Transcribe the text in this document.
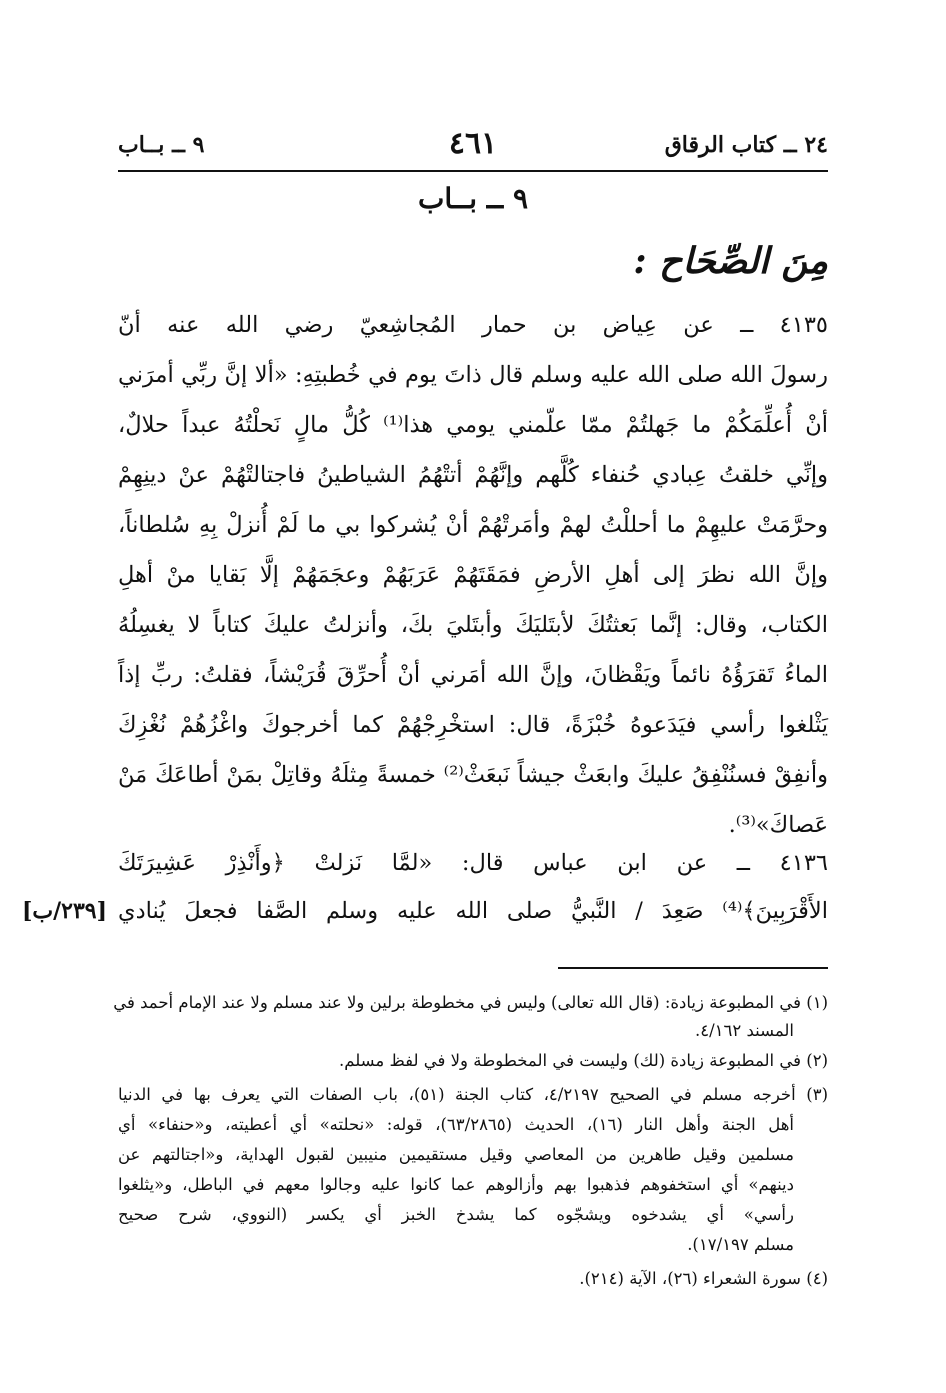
٢٤ ــ كتاب الرقاق
٤٦١
٩ ــ بــاب
٩ ــ بــاب
مِنَ الصِّحَاح :
٤١٣٥ ــ عن عِياض بن حمار المُجاشِعيّ رضي الله عنه أنّ
رسولَ الله صلى الله عليه وسلم قال ذاتَ يوم في خُطبتِهِ: «ألا إنَّ ربِّي أمرَني
أنْ أُعلِّمَكُمْ ما جَهلتُمْ ممّا علّمني يومي هذا⁽¹⁾ كُلُّ مالٍ نَحلْتُهُ عبداً حلالٌ،
وإنِّي خلقتُ عِبادي حُنفاء كُلَّهم وإنَّهُمْ أتتْهُمُ الشياطينُ فاجتالتْهُمْ عنْ دينِهِمْ
وحرَّمَتْ عليهِمْ ما أحللْتُ لهمْ وأمَرتْهُمْ أنْ يُشركوا بي ما لَمْ أُنزلْ بِهِ سُلطاناً،
وإنَّ الله نظرَ إلى أهلِ الأرضِ فمَقَتَهُمْ عَرَبَهُمْ وعجَمَهُمْ إلَّا بَقايا منْ أهلِ
الكتاب، وقال: إنَّما بَعثتُكَ لأبتَليَكَ وأبتَليَ بكَ، وأنزلتُ عليكَ كتاباً لا يغسِلُهُ
الماءُ تَقرَؤُهُ نائماً ويَقْظانَ، وإنَّ الله أمَرني أنْ أُحرِّقَ قُرَيْشاً، فقلتُ: ربِّ إذاً
يَثْلغوا رأسي فيَدَعوهُ خُبْزَةً، قال: استخْرِجْهُمْ كما أخرجوكَ واغْزُهُمْ نُغْزِكَ
وأنفِقْ فسنُنْفِقُ عليكَ وابعَثْ جيشاً نَبعَثْ⁽²⁾ خمسةً مِثلَهُ وقاتِلْ بمَنْ أطاعَكَ مَنْ
عَصاكَ»⁽³⁾.
٤١٣٦ ــ عن ابن عباس قال: «لمَّا نَزلتْ ﴿وأَنْذِرْ عَشِيرَتَكَ
الأَقْرَبِينَ﴾⁽⁴⁾ صَعِدَ / النَّبيُّ صلى الله عليه وسلم الصَّفا فجعلَ يُنادي
[٢٣٩/ب]
(١) في المطبوعة زيادة: (قال الله تعالى) وليس في مخطوطة برلين ولا عند مسلم ولا عند الإمام أحمد في
المسند ٤/١٦٢.
(٢) في المطبوعة زيادة (لك) وليست في المخطوطة ولا في لفظ مسلم.
(٣) أخرجه مسلم في الصحيح ٤/٢١٩٧، كتاب الجنة (٥١)، باب الصفات التي يعرف بها في الدنيا
أهل الجنة وأهل النار (١٦)، الحديث (٦٣/٢٨٦٥)، قوله: «نحلته» أي أعطيته، و«حنفاء» أي
مسلمين وقيل طاهرين من المعاصي وقيل مستقيمين منيبين لقبول الهداية، و«اجتالتهم عن
دينهم» أي استخفوهم فذهبوا بهم وأزالوهم عما كانوا عليه وجالوا معهم في الباطل، و«يثلغوا
رأسي» أي يشدخوه ويشجّوه كما يشدخ الخبز أي يكسر (النووي، شرح صحيح
مسلم ١٧/١٩٧).
(٤) سورة الشعراء (٢٦)، الآية (٢١٤).
